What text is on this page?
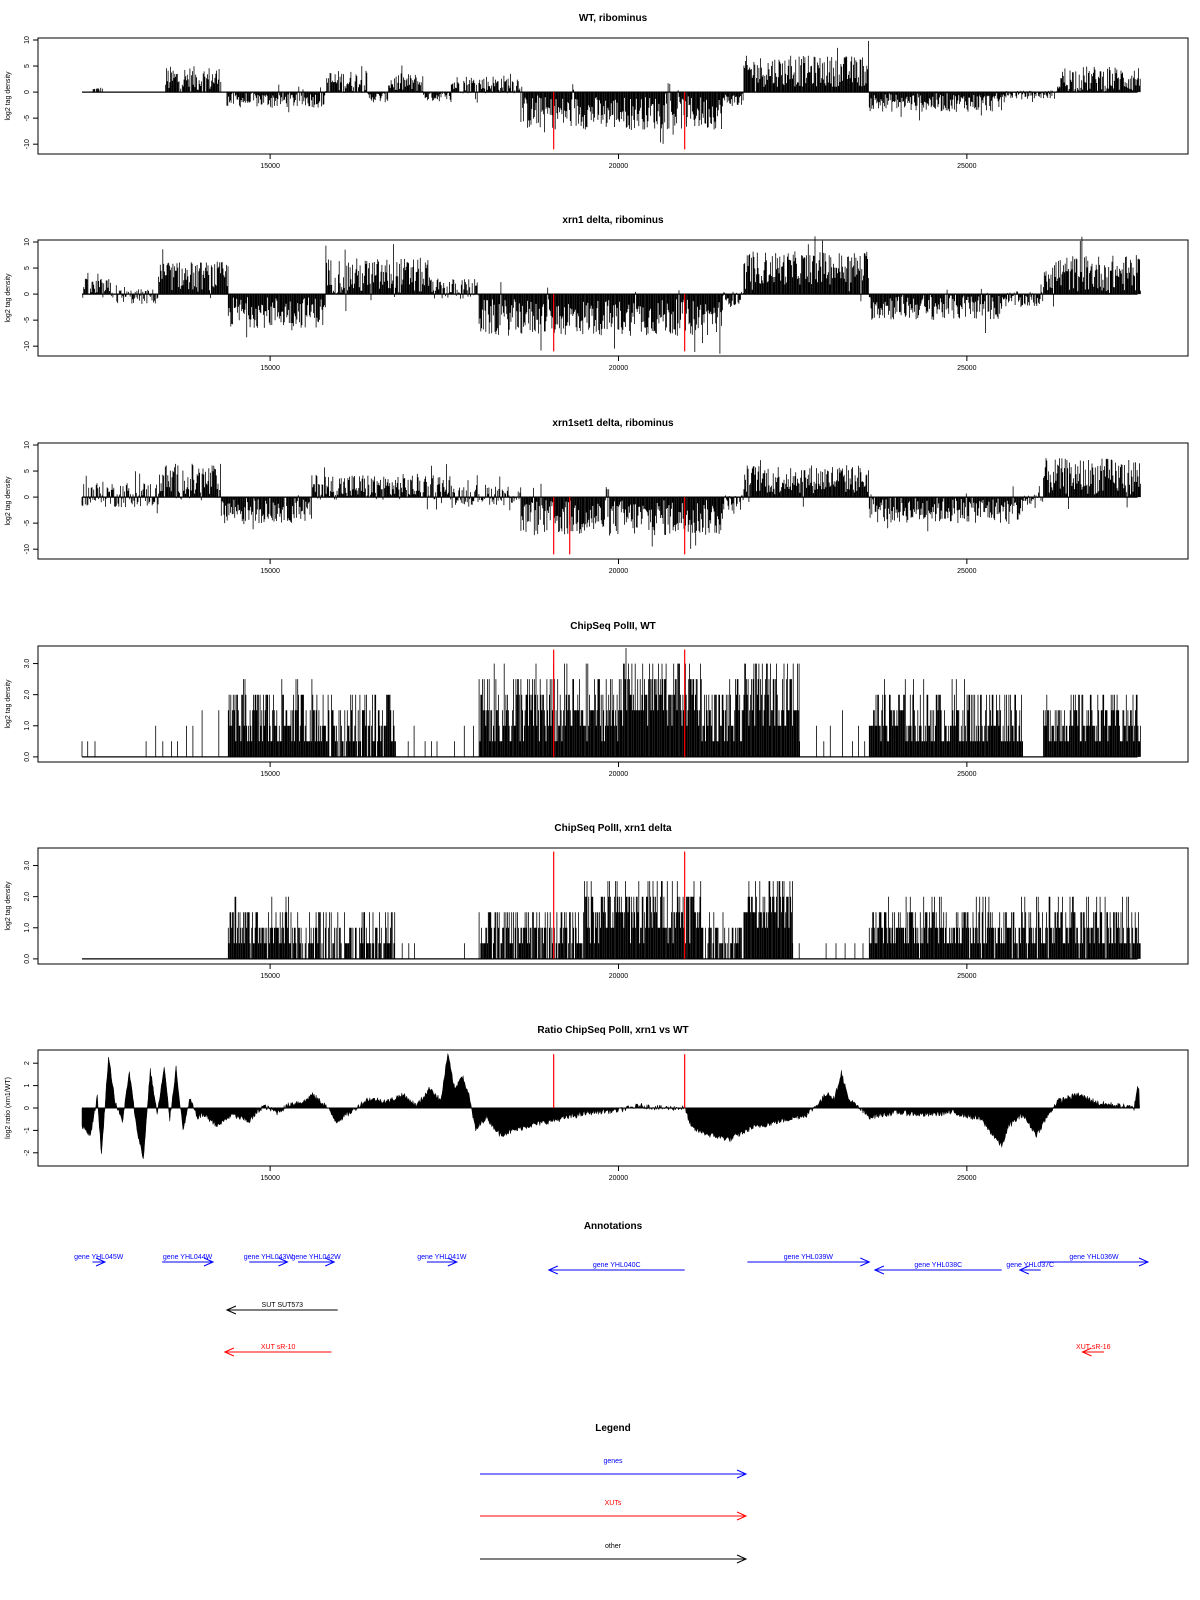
WT, ribominus
-10
-5
0
5
10
log2 tag density
15000	20000	25000
xrn1 delta, ribominus
-10
-5
0
5
10
log2 tag density
15000	20000	25000
xrn1set1 delta, ribominus
-10
-5
0
5
10
log2 tag density
15000	20000	25000
ChipSeq PolII, WT
0.0
1.0
2.0
3.0
log2 tag density
15000	20000	25000
ChipSeq PolII, xrn1 delta
0.0
1.0
2.0
3.0
log2 tag density
15000	20000	25000
Ratio ChipSeq PolII, xrn1 vs WT
-2
-1
0
1
2
log2 ratio (xrn1/WT)
15000	20000	25000
Annotations
gene YHL045W	gene YHL044W	gene YHL043W
gene YHL042W	gene YHL041W
gene YHL040C
gene YHL039W
gene YHL038C	gene YHL037C
gene YHL036W
SUT SUT573
XUT sR-10	XUT sR-16
Legend
genes
XUTs
other
